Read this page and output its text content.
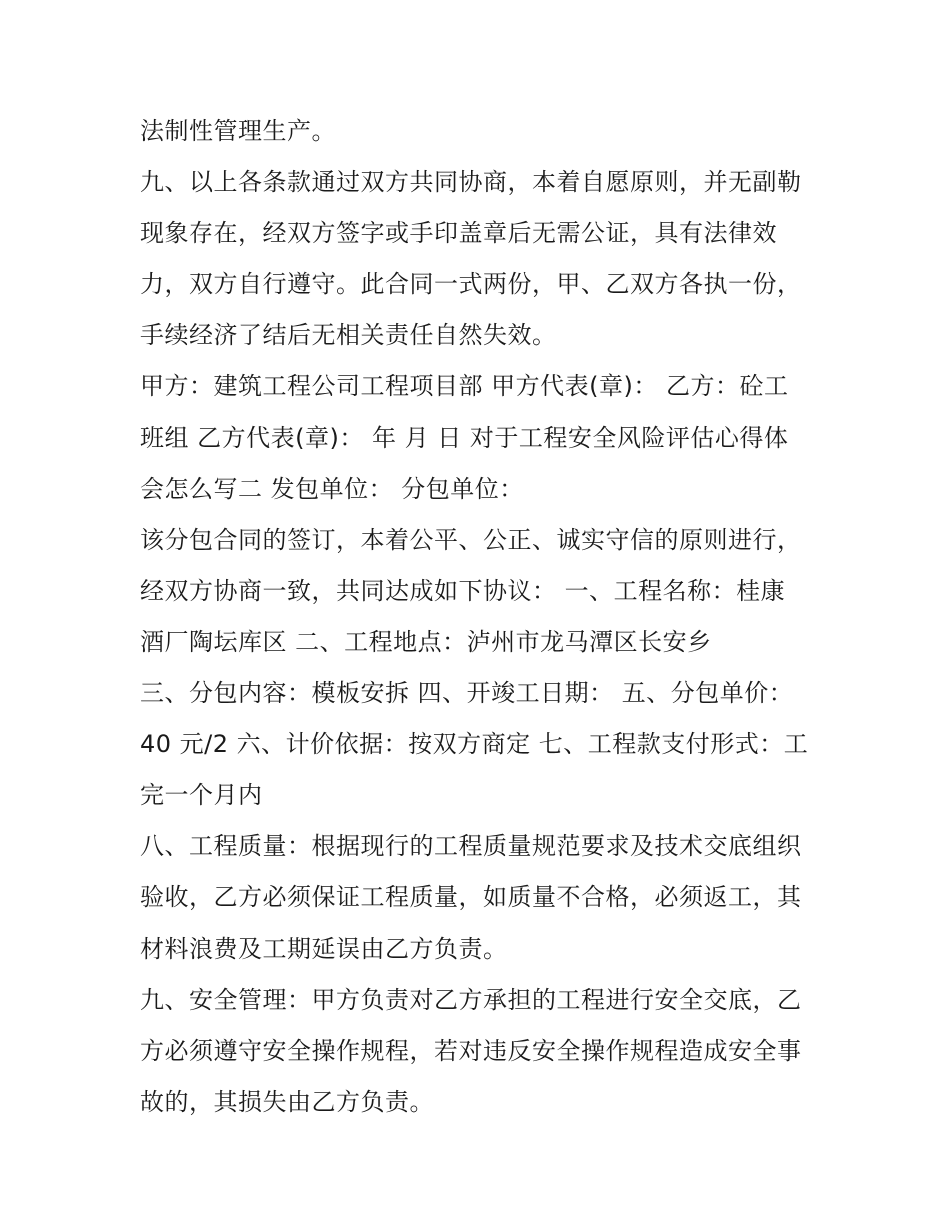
法制性管理生产。
九、以上各条款通过双方共同协商，本着自愿原则，并无副勒
现象存在，经双方签字或手印盖章后无需公证，具有法律效
力，双方自行遵守。此合同一式两份，甲、乙双方各执一份，
手续经济了结后无相关责任自然失效。
甲方：建筑工程公司工程项目部 甲方代表(章)： 乙方：砼工
班组 乙方代表(章)： 年 月 日 对于工程安全风险评估心得体
会怎么写二 发包单位： 分包单位：
该分包合同的签订，本着公平、公正、诚实守信的原则进行，
经双方协商一致，共同达成如下协议： 一、工程名称：桂康
酒厂陶坛库区 二、工程地点：泸州市龙马潭区长安乡
三、分包内容：模板安拆 四、开竣工日期： 五、分包单价：
40 元/2 六、计价依据：按双方商定 七、工程款支付形式：工
完一个月内
八、工程质量：根据现行的工程质量规范要求及技术交底组织
验收，乙方必须保证工程质量，如质量不合格，必须返工，其
材料浪费及工期延误由乙方负责。
九、安全管理：甲方负责对乙方承担的工程进行安全交底，乙
方必须遵守安全操作规程，若对违反安全操作规程造成安全事
故的，其损失由乙方负责。
